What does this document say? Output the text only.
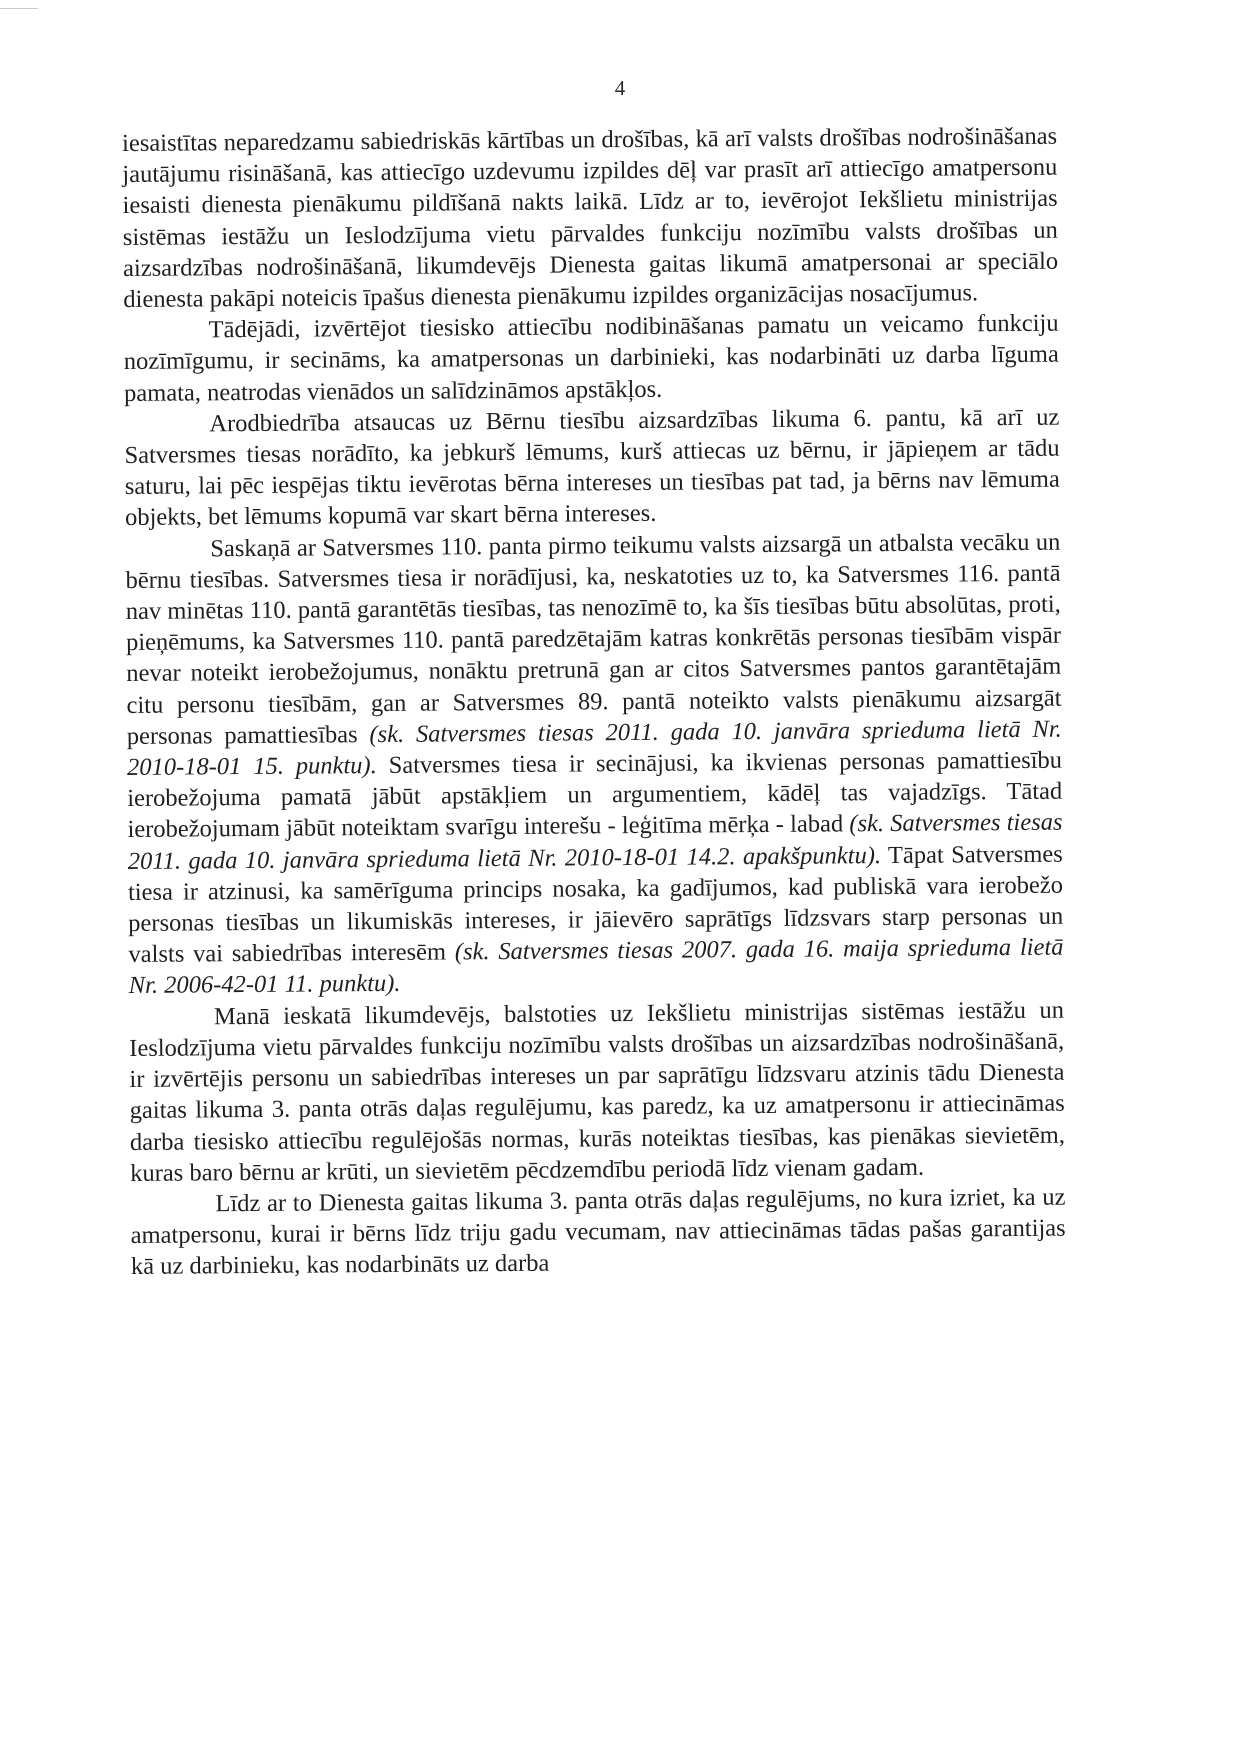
4

iesaistītas neparedzamu sabiedriskās kārtības un drošības, kā arī valsts drošības nodrošināšanas jautājumu risināšanā, kas attiecīgo uzdevumu izpildes dēļ var prasīt arī attiecīgo amatpersonu iesaisti dienesta pienākumu pildīšanā nakts laikā. Līdz ar to, ievērojot Iekšlietu ministrijas sistēmas iestāžu un Ieslodzījuma vietu pārvaldes funkciju nozīmību valsts drošības un aizsardzības nodrošināšanā, likumdevējs Dienesta gaitas likumā amatpersonai ar speciālo dienesta pakāpi noteicis īpašus dienesta pienākumu izpildes organizācijas nosacījumus.

Tādējādi, izvērtējot tiesisko attiecību nodibināšanas pamatu un veicamo funkciju nozīmīgumu, ir secināms, ka amatpersonas un darbinieki, kas nodarbināti uz darba līguma pamata, neatrodas vienādos un salīdzināmos apstākļos.

Arodbiedrība atsaucas uz Bērnu tiesību aizsardzības likuma 6. pantu, kā arī uz Satversmes tiesas norādīto, ka jebkurš lēmums, kurš attiecas uz bērnu, ir jāpieņem ar tādu saturu, lai pēc iespējas tiktu ievērotas bērna intereses un tiesības pat tad, ja bērns nav lēmuma objekts, bet lēmums kopumā var skart bērna intereses.

Saskaņā ar Satversmes 110. panta pirmo teikumu valsts aizsargā un atbalsta vecāku un bērnu tiesības. Satversmes tiesa ir norādījusi, ka, neskatoties uz to, ka Satversmes 116. pantā nav minētas 110. pantā garantētās tiesības, tas nenozīmē to, ka šīs tiesības būtu absolūtas, proti, pieņēmums, ka Satversmes 110. pantā paredzētajām katras konkrētās personas tiesībām vispār nevar noteikt ierobežojumus, nonāktu pretrunā gan ar citos Satversmes pantos garantētajām citu personu tiesībām, gan ar Satversmes 89. pantā noteikto valsts pienākumu aizsargāt personas pamattiesības (sk. Satversmes tiesas 2011. gada 10. janvāra sprieduma lietā Nr. 2010-18-01 15. punktu). Satversmes tiesa ir secinājusi, ka ikvienas personas pamattiesību ierobežojuma pamatā jābūt apstākļiem un argumentiem, kādēļ tas vajadzīgs. Tātad ierobežojumam jābūt noteiktam svarīgu interešu - leģitīma mērķa - labad (sk. Satversmes tiesas 2011. gada 10. janvāra sprieduma lietā Nr. 2010-18-01 14.2. apakšpunktu). Tāpat Satversmes tiesa ir atzinusi, ka samērīguma princips nosaka, ka gadījumos, kad publiskā vara ierobežo personas tiesības un likumiskās intereses, ir jāievēro saprātīgs līdzsvars starp personas un valsts vai sabiedrības interesēm (sk. Satversmes tiesas 2007. gada 16. maija sprieduma lietā Nr. 2006-42-01 11. punktu).

Manā ieskatā likumdevējs, balstoties uz Iekšlietu ministrijas sistēmas iestāžu un Ieslodzījuma vietu pārvaldes funkciju nozīmību valsts drošības un aizsardzības nodrošināšanā, ir izvērtējis personu un sabiedrības intereses un par saprātīgu līdzsvaru atzinis tādu Dienesta gaitas likuma 3. panta otrās daļas regulējumu, kas paredz, ka uz amatpersonu ir attiecināmas darba tiesisko attiecību regulējošās normas, kurās noteiktas tiesības, kas pienākas sievietēm, kuras baro bērnu ar krūti, un sievietēm pēcdzemdību periodā līdz vienam gadam.

Līdz ar to Dienesta gaitas likuma 3. panta otrās daļas regulējums, no kura izriet, ka uz amatpersonu, kurai ir bērns līdz triju gadu vecumam, nav attiecināmas tādas pašas garantijas kā uz darbinieku, kas nodarbināts uz darba
